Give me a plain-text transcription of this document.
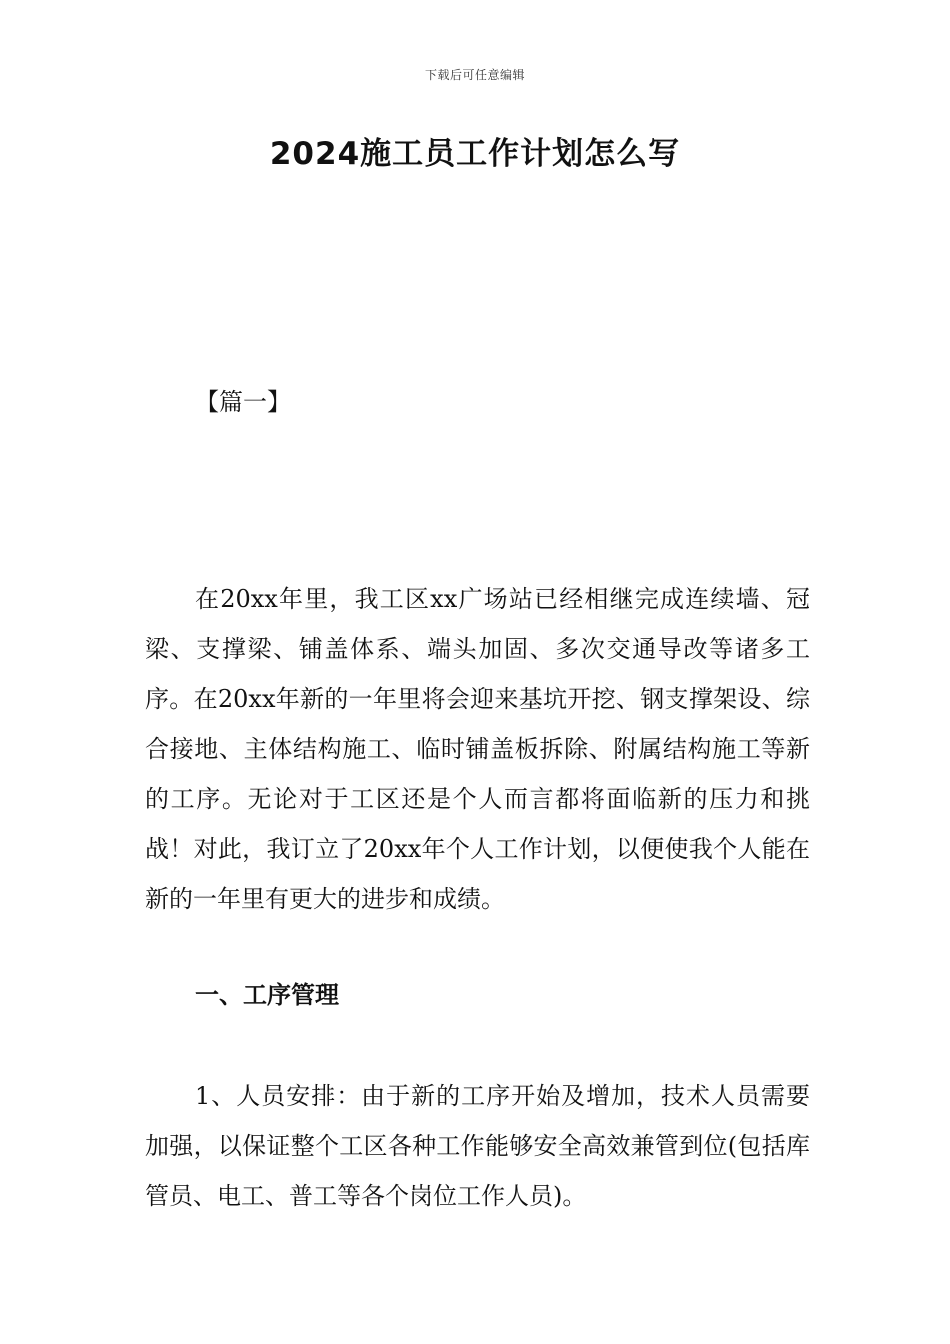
下载后可任意编辑
2024施工员工作计划怎么写
【篇一】

在20xx年里，我工区xx广场站已经相继完成连续墙、冠梁、支撑梁、铺盖体系、端头加固、多次交通导改等诸多工序。在20xx年新的一年里将会迎来基坑开挖、钢支撑架设、综合接地、主体结构施工、临时铺盖板拆除、附属结构施工等新的工序。无论对于工区还是个人而言都将面临新的压力和挑战！对此，我订立了20xx年个人工作计划，以便使我个人能在新的一年里有更大的进步和成绩。

一、工序管理

1、人员安排：由于新的工序开始及增加，技术人员需要加强，以保证整个工区各种工作能够安全高效兼管到位(包括库管员、电工、普工等各个岗位工作人员)。
